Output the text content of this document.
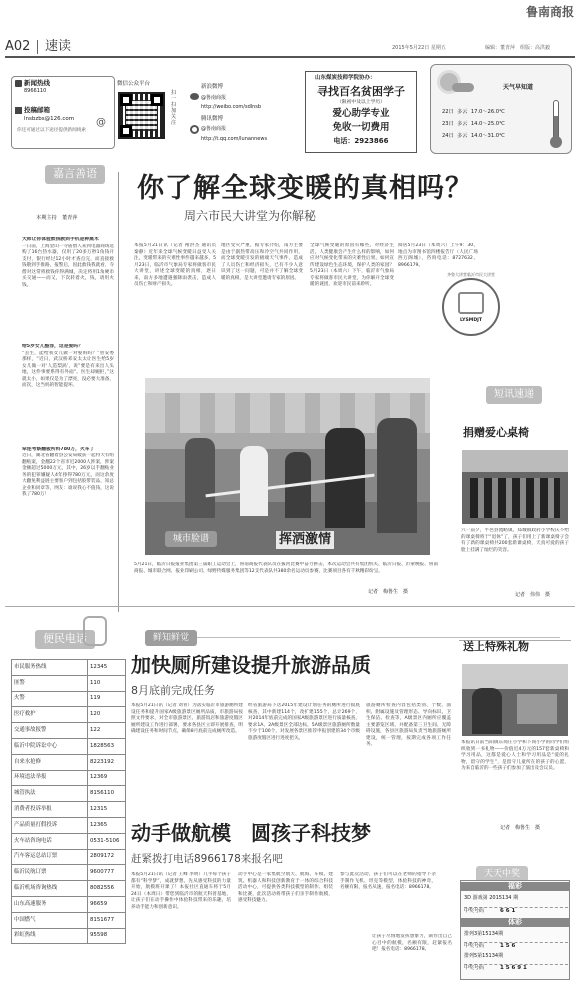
鲁南商报
A02 速读	2015年5月22日 星期五	编辑：董青萍　组版：高洪毅
新闻热线
8966110
投稿邮箱
lnsbzbs@126.com
你还可通过以下途径提供新闻线索
@
微信公众平台
扫一扫 加关注
新浪微博
@鲁南商报
http://weibo.com/sdlnsb
腾讯微博
@鲁南商报
http://t.qq.com/lunannews
山东煤炭技师学院协办：
寻找百名贫困学子
（限初中及以上学历）
爱心助学专业
免收一切费用
电话：2923866
天气早知道
22日 多云 17.0～26.0℃
23日 多云 14.0～25.0℃
24日 多云 14.0～31.0℃
嘉言善语
本期主持　董青萍
大师让你体验救钱教到手机是种黑术
一日前，上海金山一寺庙僧人来到电器商场选购了16台热水器，仅用了20多万秒1角钱开支付，银行经过12小时才查点完，而直接救钱敬到手推路，报警后，因此救钱我就看，寺僧对这常将救钱你得满城，决定将用1角硬币买交通——而又，下次转着火，钱，请用火钱。
给5岁女儿整容，这是爱吗？
“丢生，能给我女儿做一对娶妈吗？”曾安委那样，“近日，武汉桥邓安太太让医生给5岁女儿做一对‘人造梨涡’，说”要是有来出人头地，这件事要系得有外面“。医生却婉拒，”这就太小，如果仅是为了漂亮，没必要大准备，而次，这当妈的智能提坏。
牵连考察翻板所料780万，火车了
近日，湖北省翻着县公安局破获一起特大有组翻贴案，金翻22个省市近2000人涉案，涉案金额超过5000万元，其中，26岁以手翻贴业务的犯罪嫌疑人4年挣得780万元，而这余度大翻免利益链主要客户到包括胶带装品，知总企业和同章等，网友：谁说我心不值钱，这说我了780万！
你了解全球变暖的真相吗？
周六市民大讲堂为你解秘
本报5月21日讯（记者 褚洪杰 通讯员 秦静）近年来全球气候变暖日益受人关注，变暖带来的灾难性事件越来越多，5月23日，临沂市气象局专家将做客市民大讲堂，讲述全球变暖的真相，逐日来，南方多地遭遇强降雨袭击，造成人员伤亡和财产损失。
地区受灾严重，据专家介绍，南方主要是由于副热带高压和冷空气共同作用，而全球变暖引发的极端天气事件，造成了人员伤亡和经济损失，已有不少人意识到了这一问题，可是并不了解全球变暖的真相，是大讲堂邀请专家的原因。
全球气候变暖的原因有哪些，对经济生活，人类健康会产生什么样的影响，如何应对气候变化带来的灾难性后果，如何宣传建设绿色生态环境，保护人类的家园？5月23日（本周六）下午，临沂市气象局专家将做客市民大讲堂，为你解开全球变暖的谜团，欢迎市民前来聆听。
阅居5月23日（本周六）上午9：30，地点为市图书馆四楼报告厅（人民广场西万阁城），咨询电话：8727632、8966179。
LYSMDJT
齐鲁大讲堂临沂市民大讲堂
城市脸谱	挥洒激情
5月21日，临沂日报报业集团第三届职工运动会上，鲁南商报代表队员在拔河比赛中奋力拼击，本次运动会共有集团机关、临沂日报、沂蒙晚报、鲁南商报、城市联合网、报业印刷公司、绿野传媒服务集团等12支代表队共380余名运动员参赛，比赛项目各有千秋精彩纷呈。
记者　梅鲁生　摄
短讯速递
捐赠爱心桌椅
六一前夕，平邑县流峪镇，郑城镇政府小学校庆不给的课桌椅将于“退休”了，孩子们用上了新课桌椅子会有了新的课桌椅共200套新课桌椅，天真可爱的孩子脸上挂满了灿烂的笑容。
记者　伟伟　摄
便民电话
市民服务热线	12345
匪警	110
火警	119
医疗救护	120
交通事故报警	122
临沂中院诉讼中心	1828563
自来水抢修	8223192
环境违法举报	12369
城管执法	8156110
消费者投诉举报	12315
产品质量打假投诉	12365
火车站咨询电话	0531-5106
汽车客运总站订票	2809172
临沂民航订票	9600777
临沂机场咨询热线	8082556
山东高速服务	96659
中国燃气	8151677
彩虹热线	95598
鲜知鲜觉
加快厕所建设提升旅游品质
8月底前完成任务
本报5月21日讯（记者 刘青）为落实临沂市旅游厕所建设任务和提升国家A级旅游景区厕所品质，市旅游局按照文件要求，对全市旅游景区、旅游饭店和旅游度假区厕所建设工作进行部署，要求各县区立即开展排查，明确建设任务和时间节点，确保8月底前完成厕所改造。
经省旅游局下达2015年建设计划任务的厕所进行摸底核查，其中新建114个，改扩建155个，总计269个，对2014年底前完成的国家A级旅游景区进行质量核查，要求1A、2A级景区全部达标，5A级景区旅游厕所数量不少于100个，对发展各景区推荐申报创建的34个市级旅游度假区进行进度把关。
旅游厕所检查内容包括类别、个数、面积、附属设施及管理形态、导向标识、卫生保洁、检查等，A级景区内厕所应覆盖主要游览区域，并配备第三卫生间、无障碍设施，各县区旅游局负责当地旅游厕所建设，统一管理，按期完成各项工作任务。
送上特殊礼物
本报讯日前当阳镇东岗庄小学和下岗小学的同学们组织收到一书礼物——价值近4万元的157套新桌椅和学习用品，这都是爱心人士和学习用品是“爱的礼物，留守的学生”，是留守儿童所在的孩子的心愿，为来自临沂的一些孩子们参加了演出及会议员。
记者　梅鲁生　摄
动手做航模　圆孩子科技梦
赶紧拨打电话8966178来报名吧
本报5月21日讯（记者 王峰 李明）几乎每个孩子都有“科学梦”，成就梦想，先从感受科技的力量开始，航模班开课了！本报社区直通车将于5月24日（本周日）带您到临沂市的航天科普基地，让孩子们在动手操作中体验科技带来的乐趣，培养动手能力和创新意识。
动手中心是一家集航空航天、航海、车模、建筑、机器人和科技创新教育于一体的综合科技活动中心，可提供各类科技模型的制作、组装和比赛，此次活动将带孩子们亲手制作航模，感受科技魅力。
参与此次活动，孩子们可以在老师的指导下亲手制作飞机、坦克等模型，体验科技的神奇，名额有限，报名从速，报名电话：8966178。
让孩子尽情地发挥想象力，制作出自己心目中的航模，名额有限，赶紧报名吧！报名电话：8966178。
天天中奖
福彩
3D 游戏第 2015134 期
中奖号码	6 6 1
体彩
排列3第15134期
中奖号码	1 5 6
排列5第15134期
中奖号码	1 5 6 9 1
